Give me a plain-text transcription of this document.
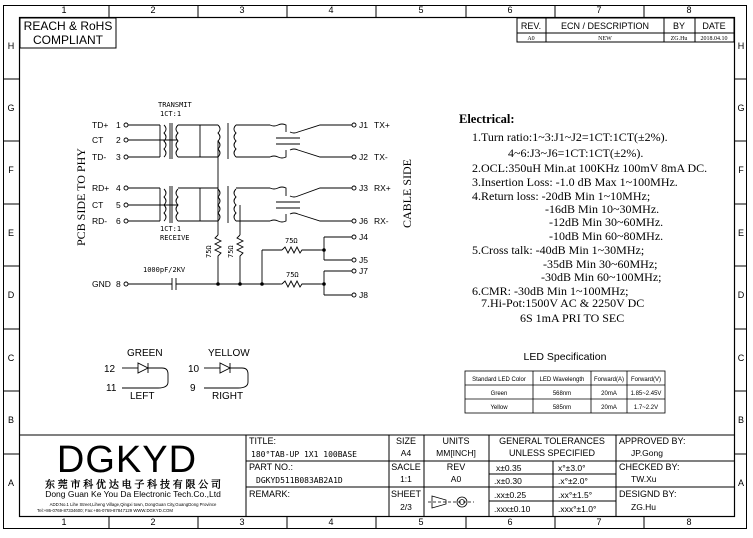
1
1
2
2
3
3
4
4
5
5
6
6
7
7
8
8
H	H
G	G
F	F
E	E
D	D
C	C
B	B
A	A
REACH & RoHS
COMPLIANT
REV. ECN / DESCRIPTION	BY DATE
A0	NEW	ZG.Hu 2018.04.10
TRANSMIT
1CT:1
TD+ 1
CT 2
TD- 3
RD+ 4
CT 5
RD- 6
GND 8
PCB SIDE TO PHY	CABLE SIDE
1CT:1
RECEIVE
1000pF/2KV
75Ω 75Ω
75Ω
75Ω
J1 TX+
J2 TX-
J3 RX+
J6 RX-
J4
J5
J7
J8
GREEN
12
11
LEFT
YELLOW
10
9
RIGHT
Electrical:
1.Turn ratio:1~3:J1~J2=1CT:1CT(±2%).
4~6:J3~J6=1CT:1CT(±2%).
2.OCL:350uH Min.at 100KHz 100mV 8mA DC.
3.Insertion Loss: -1.0 dB Max 1~100MHz.
4.Return loss: -20dB Min 1~10MHz;
-16dB Min 10~30MHz.
-12dB Min 30~60MHz.
-10dB Min 60~80MHz.
5.Cross talk: -40dB Min 1~30MHz;
-35dB Min 30~60MHz;
-30dB Min 60~100MHz;
6.CMR: -30dB Min 1~100MHz;
7.Hi-Pot:1500V AC & 2250V DC
6S 1mA PRI TO SEC
LED Specification
Standard LED Color LED Wavelength Forward(A) Forward(V)
Green	568nm	20mA 1.85~2.45V
Yellow	585nm	20mA	1.7~2.2V
DGKYD
东 莞 市 科 优 达 电 子 科 技 有 限 公 司
Dong Guan Ke You Da Electronic Tech.Co.,Ltd
ADD:No.1 Lihe Street,Liheng Village,Qingxi town, DongGuan City,GuangDong Province
Tel:+86-0769-87334600; Fax:+86-0769-87847129 WWW.DGKYD.COM
TITLE:
180°TAB-UP 1X1 100BASE
PART NO.:
DGKYD511B083AB2A1D
REMARK:
SIZE
A4
UNITS
MM[INCH]
SACLE
1:1
REV
A0
SHEET
2/3
GENERAL TOLERANCES
UNLESS SPECIFIED
x±0.35	x°±3.0°
.x±0.30	.x°±2.0°
.xx±0.25	.xx°±1.5°
.xxx±0.10	.xxx°±1.0°
APPROVED BY:
JP.Gong
CHECKED BY:
TW.Xu
DESIGND BY:
ZG.Hu
